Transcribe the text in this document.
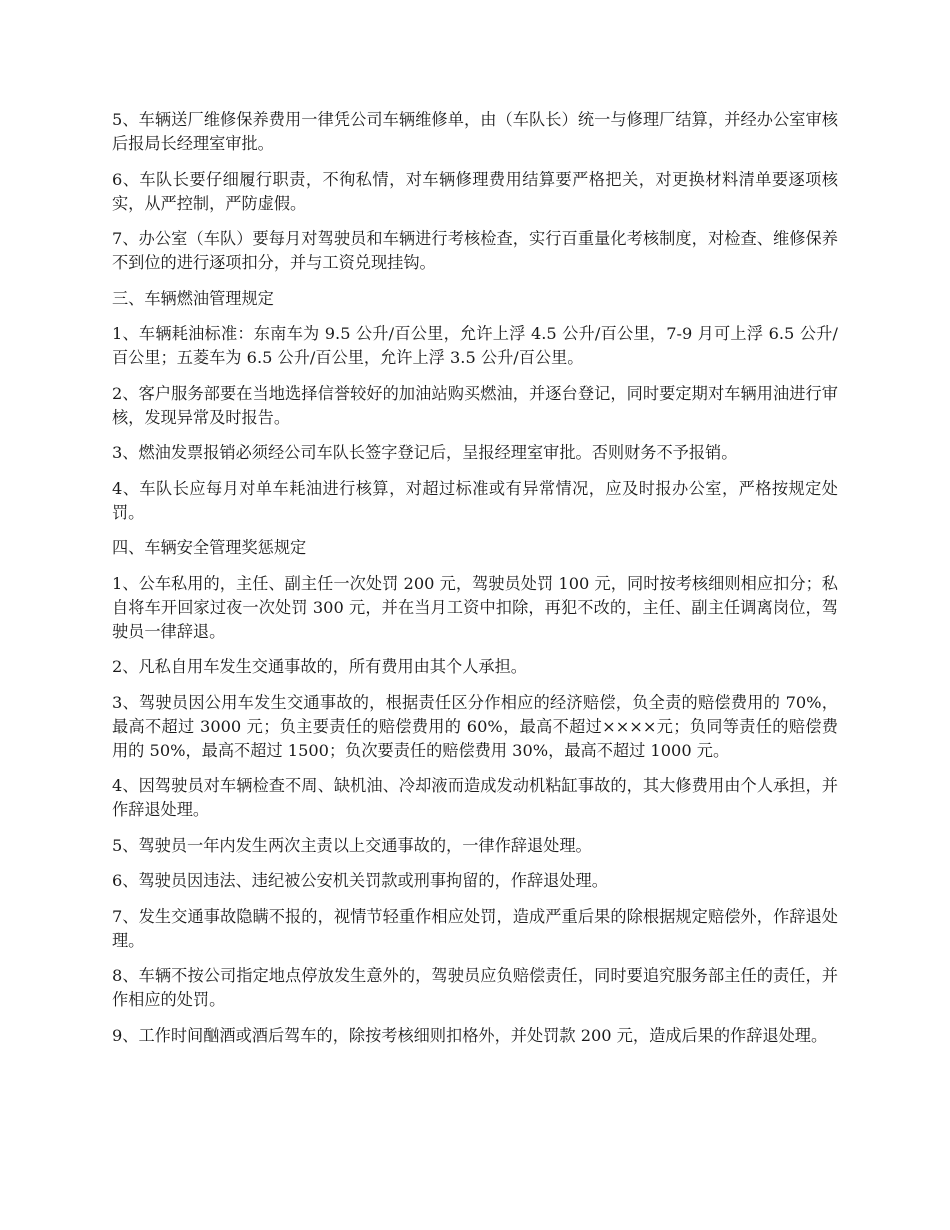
5、车辆送厂维修保养费用一律凭公司车辆维修单，由（车队长）统一与修理厂结算，并经办公室审核后报局长经理室审批。

6、车队长要仔细履行职责，不徇私情，对车辆修理费用结算要严格把关，对更换材料清单要逐项核实，从严控制，严防虚假。

7、办公室（车队）要每月对驾驶员和车辆进行考核检查，实行百重量化考核制度，对检查、维修保养不到位的进行逐项扣分，并与工资兑现挂钩。

三、车辆燃油管理规定

1、车辆耗油标准：东南车为 9.5 公升/百公里，允许上浮 4.5 公升/百公里，7-9 月可上浮 6.5 公升/百公里；五菱车为 6.5 公升/百公里，允许上浮 3.5 公升/百公里。

2、客户服务部要在当地选择信誉较好的加油站购买燃油，并逐台登记，同时要定期对车辆用油进行审核，发现异常及时报告。

3、燃油发票报销必须经公司车队长签字登记后，呈报经理室审批。否则财务不予报销。

4、车队长应每月对单车耗油进行核算，对超过标准或有异常情况，应及时报办公室，严格按规定处罚。

四、车辆安全管理奖惩规定

1、公车私用的，主任、副主任一次处罚 200 元，驾驶员处罚 100 元，同时按考核细则相应扣分；私自将车开回家过夜一次处罚 300 元，并在当月工资中扣除，再犯不改的，主任、副主任调离岗位，驾驶员一律辞退。

2、凡私自用车发生交通事故的，所有费用由其个人承担。

3、驾驶员因公用车发生交通事故的，根据责任区分作相应的经济赔偿，负全责的赔偿费用的 70%，最高不超过 3000 元；负主要责任的赔偿费用的 60%，最高不超过××××元；负同等责任的赔偿费用的 50%，最高不超过 1500；负次要责任的赔偿费用 30%，最高不超过 1000 元。

4、因驾驶员对车辆检查不周、缺机油、冷却液而造成发动机粘缸事故的，其大修费用由个人承担，并作辞退处理。

5、驾驶员一年内发生两次主责以上交通事故的，一律作辞退处理。

6、驾驶员因违法、违纪被公安机关罚款或刑事拘留的，作辞退处理。

7、发生交通事故隐瞒不报的，视情节轻重作相应处罚，造成严重后果的除根据规定赔偿外，作辞退处理。

8、车辆不按公司指定地点停放发生意外的，驾驶员应负赔偿责任，同时要追究服务部主任的责任，并作相应的处罚。

9、工作时间酗酒或酒后驾车的，除按考核细则扣格外，并处罚款 200 元，造成后果的作辞退处理。
